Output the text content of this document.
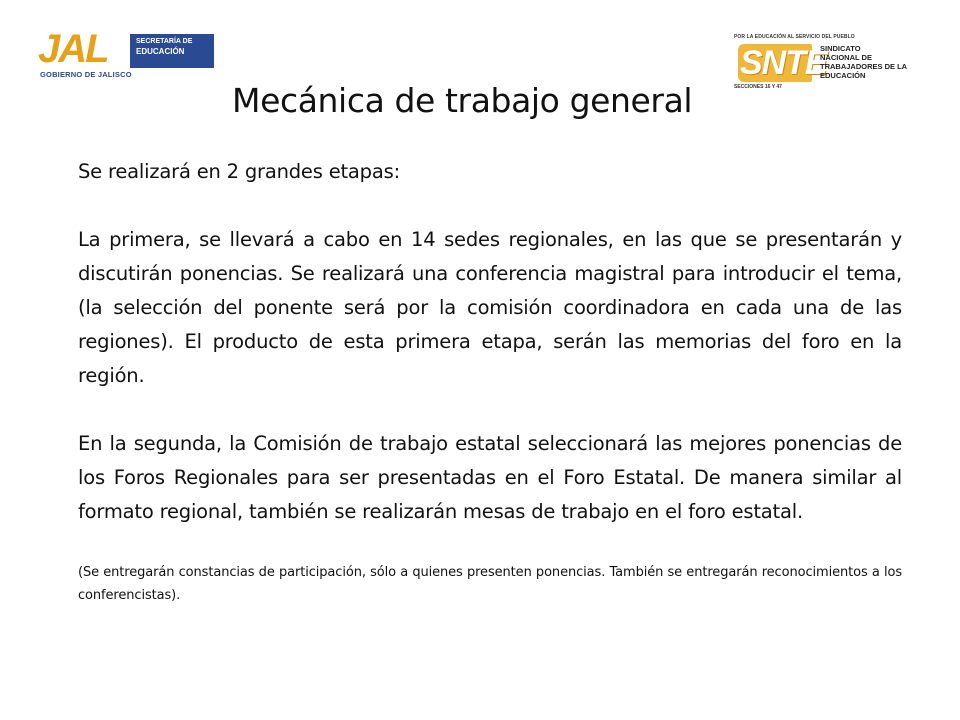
JAL	SECRETARÍA DE
EDUCACIÓN
GOBIERNO DE JALISCO
POR LA EDUCACIÓN AL SERVICIO DEL PUEBLO
SNTE
SINDICATO
NACIONAL DE
TRABAJADORES DE LA
EDUCACIÓN
SECCIONES 16 Y 47
Mecánica de trabajo general

Se realizará en 2 grandes etapas:

La primera, se llevará a cabo en 14 sedes regionales, en las que se presentarán y discutirán ponencias. Se realizará una conferencia magistral para introducir el tema, (la selección del ponente será por la comisión coordinadora en cada una de las regiones). El producto de esta primera etapa, serán las memorias del foro en la región.

En la segunda, la Comisión de trabajo estatal seleccionará las mejores ponencias de los Foros Regionales para ser presentadas en el Foro Estatal. De manera similar al formato regional, también se realizarán mesas de trabajo en el foro estatal.

(Se entregarán constancias de participación, sólo a quienes presenten ponencias. También se entregarán reconocimientos a los conferencistas).
